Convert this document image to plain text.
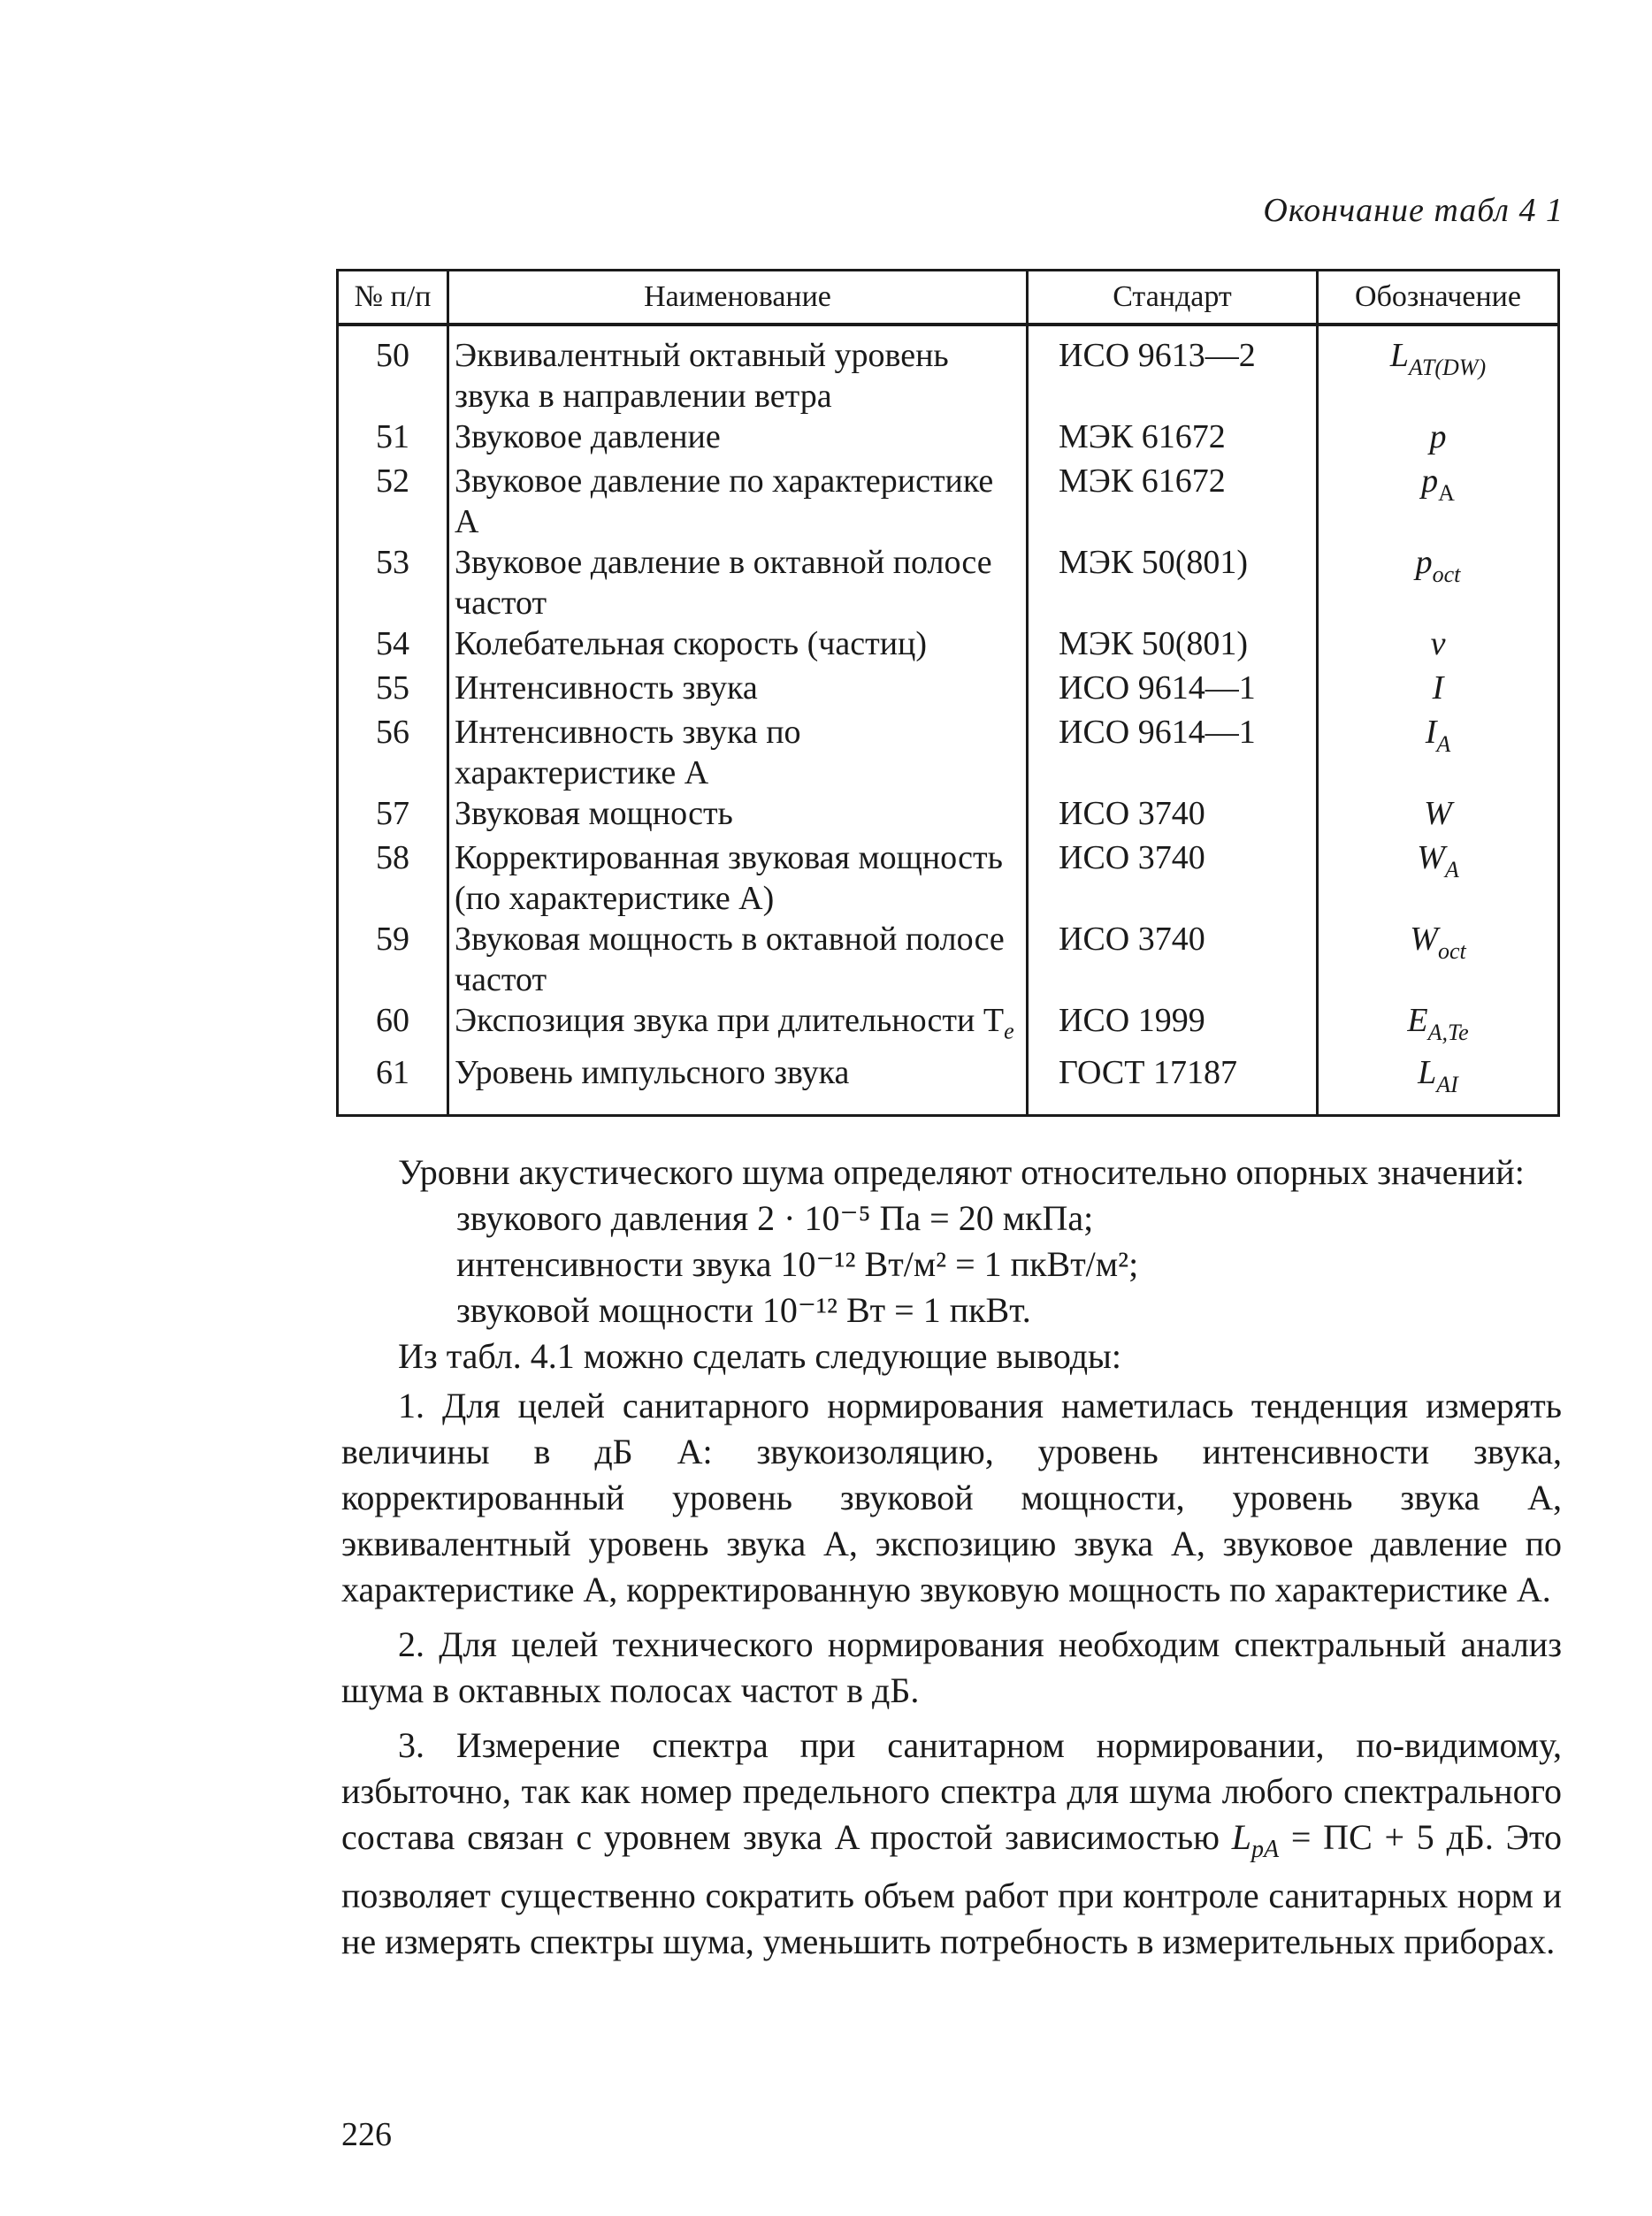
Окончание табл 4 1
№ п/п	Наименование	Стандарт	Обозначение
50	Эквивалентный октавный уровень звука в направлении ветра	ИСО 9613—2	$L_{AT(DW)}$
51	Звуковое давление	МЭК 61672	p
52	Звуковое давление по характеристике A	МЭК 61672	$p_A$
53	Звуковое давлениe в октавной полосе частот	МЭК 50(801)	$p_{oct}$
54	Колебательная скорость (частиц)	МЭК 50(801)	v
55	Интенсивность звука	ИСО 9614—1	I
56	Интенсивность звука по характеристике A	ИСО 9614—1	$I_A$
57	Звуковая мощность	ИСО 3740	W
58	Корректированная звуковая мощность (по характеристике A)	ИСО 3740	$W_A$
59	Звуковая мощность в октавной полосе частот	ИСО 3740	$W_{oct}$
60	Экспозиция звука при длительности $T_e$	ИСО 1999	$E_{A,Te}$
61	Уровень импульсного звука	ГОСТ 17187	$L_{AI}$

Уровни акустического шума определяют относительно опорных значений:

звукового давления 2 · 10⁻⁵ Па = 20 мкПа;

интенсивности звука 10⁻¹² Вт/м² = 1 пкВт/м²;

звуковой мощности 10⁻¹² Вт = 1 пкВт.

Из табл. 4.1 можно сделать следующие выводы:

1. Для целей санитарного нормирования наметилась тенденция измерять величины в дБ A: звукоизоляцию, уровень интенсивности звука, корректированный уровень звуковой мощности, уровень звука A, эквивалентный уровень звука A, экспозицию звука A, звуковое давление по характеристике A, корректированную звуковую мощность по характеристике A.

2. Для целей технического нормирования необходим спектральный анализ шума в октавных полосах частот в дБ.

3. Измерение спектра при санитарном нормировании, по-видимому, избыточно, так как номер предельного спектра для шума любого спектрального состава связан с уровнем звука A простой зависимостью $L_{pA}$ = ПС + 5 дБ. Это позволяет существенно сократить объем работ при контроле санитарных норм и не измерять спектры шума, уменьшить потребность в измерительных приборах.

226
